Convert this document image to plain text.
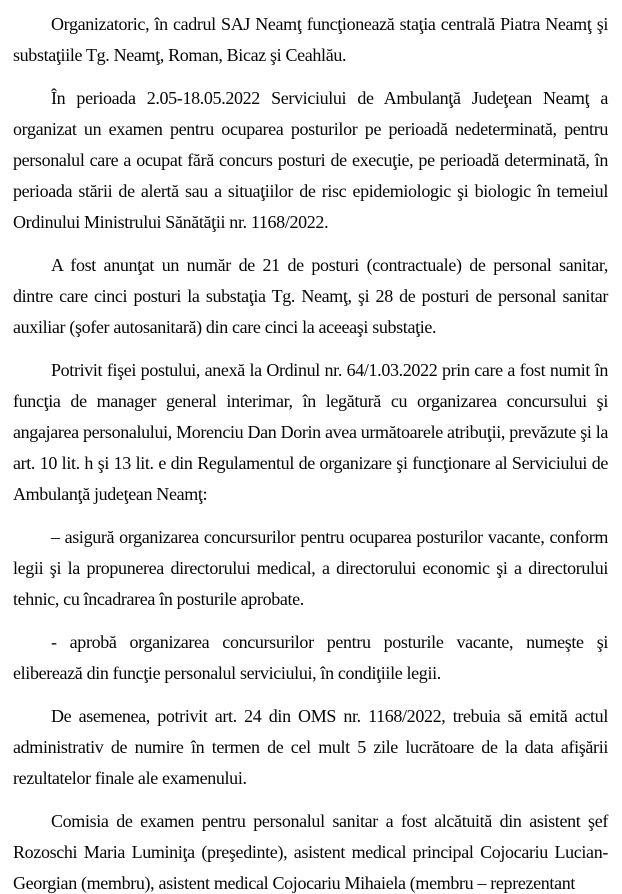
Organizatoric, în cadrul SAJ Neamţ funcţionează staţia centrală Piatra Neamţ şi substaţiile Tg. Neamţ, Roman, Bicaz şi Ceahlău.

În perioada 2.05-18.05.2022 Serviciului de Ambulanţă Judeţean Neamţ a organizat un examen pentru ocuparea posturilor pe perioadă nedeterminată, pentru personalul care a ocupat fără concurs posturi de execuţie, pe perioadă determinată, în perioada stării de alertă sau a situaţiilor de risc epidemiologic şi biologic în temeiul Ordinului Ministrului Sănătăţii nr. 1168/2022.

A fost anunţat un număr de 21 de posturi (contractuale) de personal sanitar, dintre care cinci posturi la substaţia Tg. Neamţ, şi 28 de posturi de personal sanitar auxiliar (şofer autosanitară) din care cinci la aceeaşi substaţie.

Potrivit fişei postului, anexă la Ordinul nr. 64/1.03.2022 prin care a fost numit în funcţia de manager general interimar, în legătură cu organizarea concursului şi angajarea personalului, Morenciu Dan Dorin avea următoarele atribuţii, prevăzute şi la art. 10 lit. h şi 13 lit. e din Regulamentul de organizare şi funcţionare al Serviciului de Ambulanţă judeţean Neamţ:

– asigură organizarea concursurilor pentru ocuparea posturilor vacante, conform legii şi la propunerea directorului medical, a directorului economic şi a directorului tehnic, cu încadrarea în posturile aprobate.

- aprobă organizarea concursurilor pentru posturile vacante, numeşte şi eliberează din funcţie personalul serviciului, în condiţiile legii.

De asemenea, potrivit art. 24 din OMS nr. 1168/2022, trebuia să emită actul administrativ de numire în termen de cel mult 5 zile lucrătoare de la data afişării rezultatelor finale ale examenului.

Comisia de examen pentru personalul sanitar a fost alcătuită din asistent şef Rozoschi Maria Luminiţa (preşedinte), asistent medical principal Cojocariu Lucian-Georgian (membru), asistent medical Cojocariu Mihaiela (membru – reprezentant
